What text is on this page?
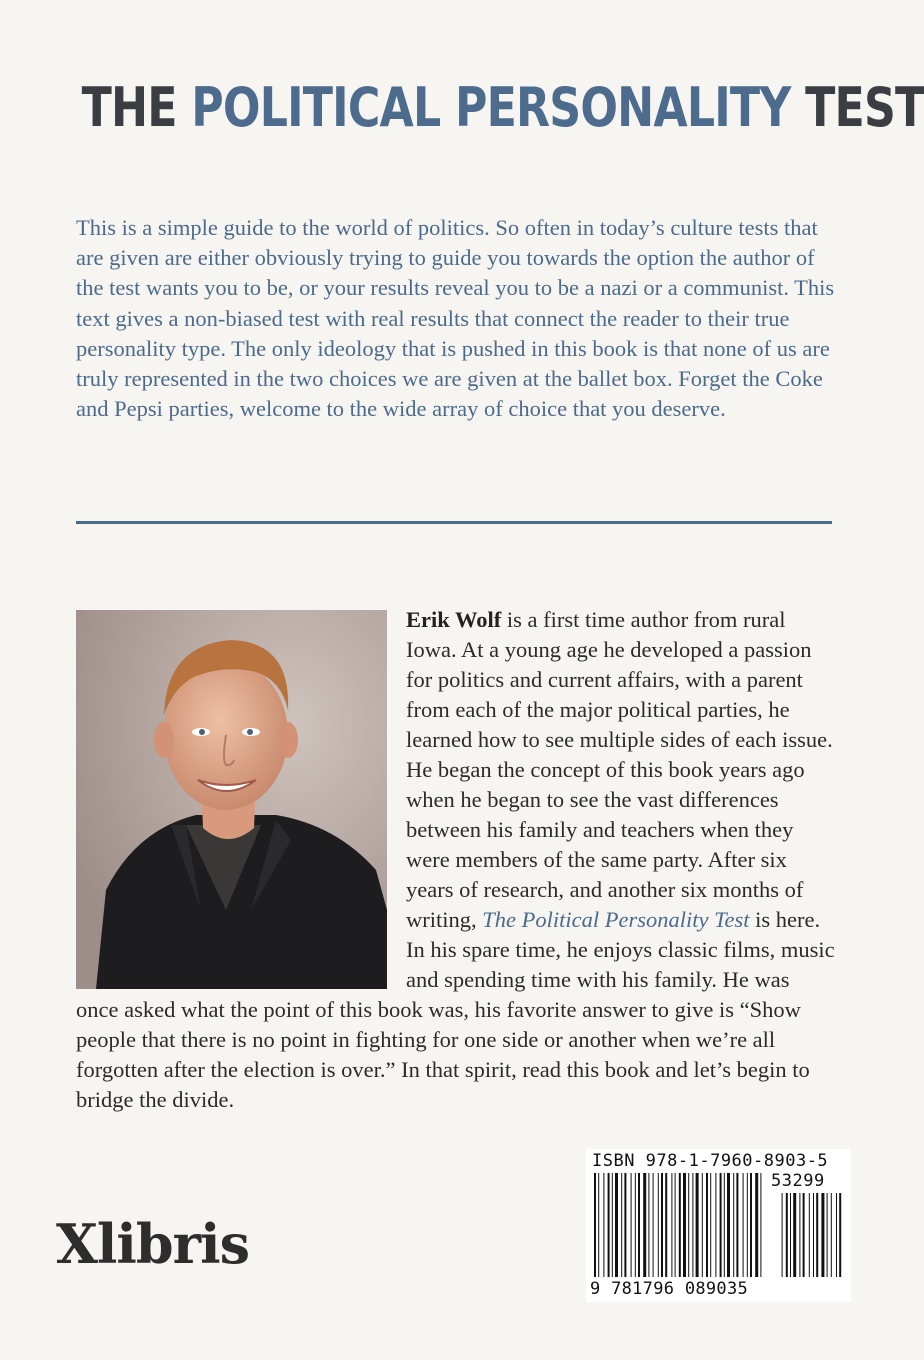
THE POLITICAL PERSONALITY TEST

This is a simple guide to the world of politics. So often in today’s culture tests that are given are either obviously trying to guide you towards the option the author of the test wants you to be, or your results reveal you to be a nazi or a communist. This text gives a non-biased test with real results that connect the reader to their true personality type. The only ideology that is pushed in this book is that none of us are truly represented in the two choices we are given at the ballet box. Forget the Coke and Pepsi parties, welcome to the wide array of choice that you deserve.

Erik Wolf is a first time author from rural Iowa. At a young age he developed a passion for politics and current affairs, with a parent from each of the major political parties, he learned how to see multiple sides of each issue. He began the concept of this book years ago when he began to see the vast differences between his family and teachers when they were members of the same party. After six years of research, and another six months of writing, The Political Personality Test is here. In his spare time, he enjoys classic films, music and spending time with his family. He was once asked what the point of this book was, his favorite answer to give is “Show people that there is no point in fighting for one side or another when we’re all forgotten after the election is over.” In that spirit, read this book and let’s begin to bridge the divide.

Xlibris
ISBN 978-1-7960-8903-5
53299
9 781796 089035
